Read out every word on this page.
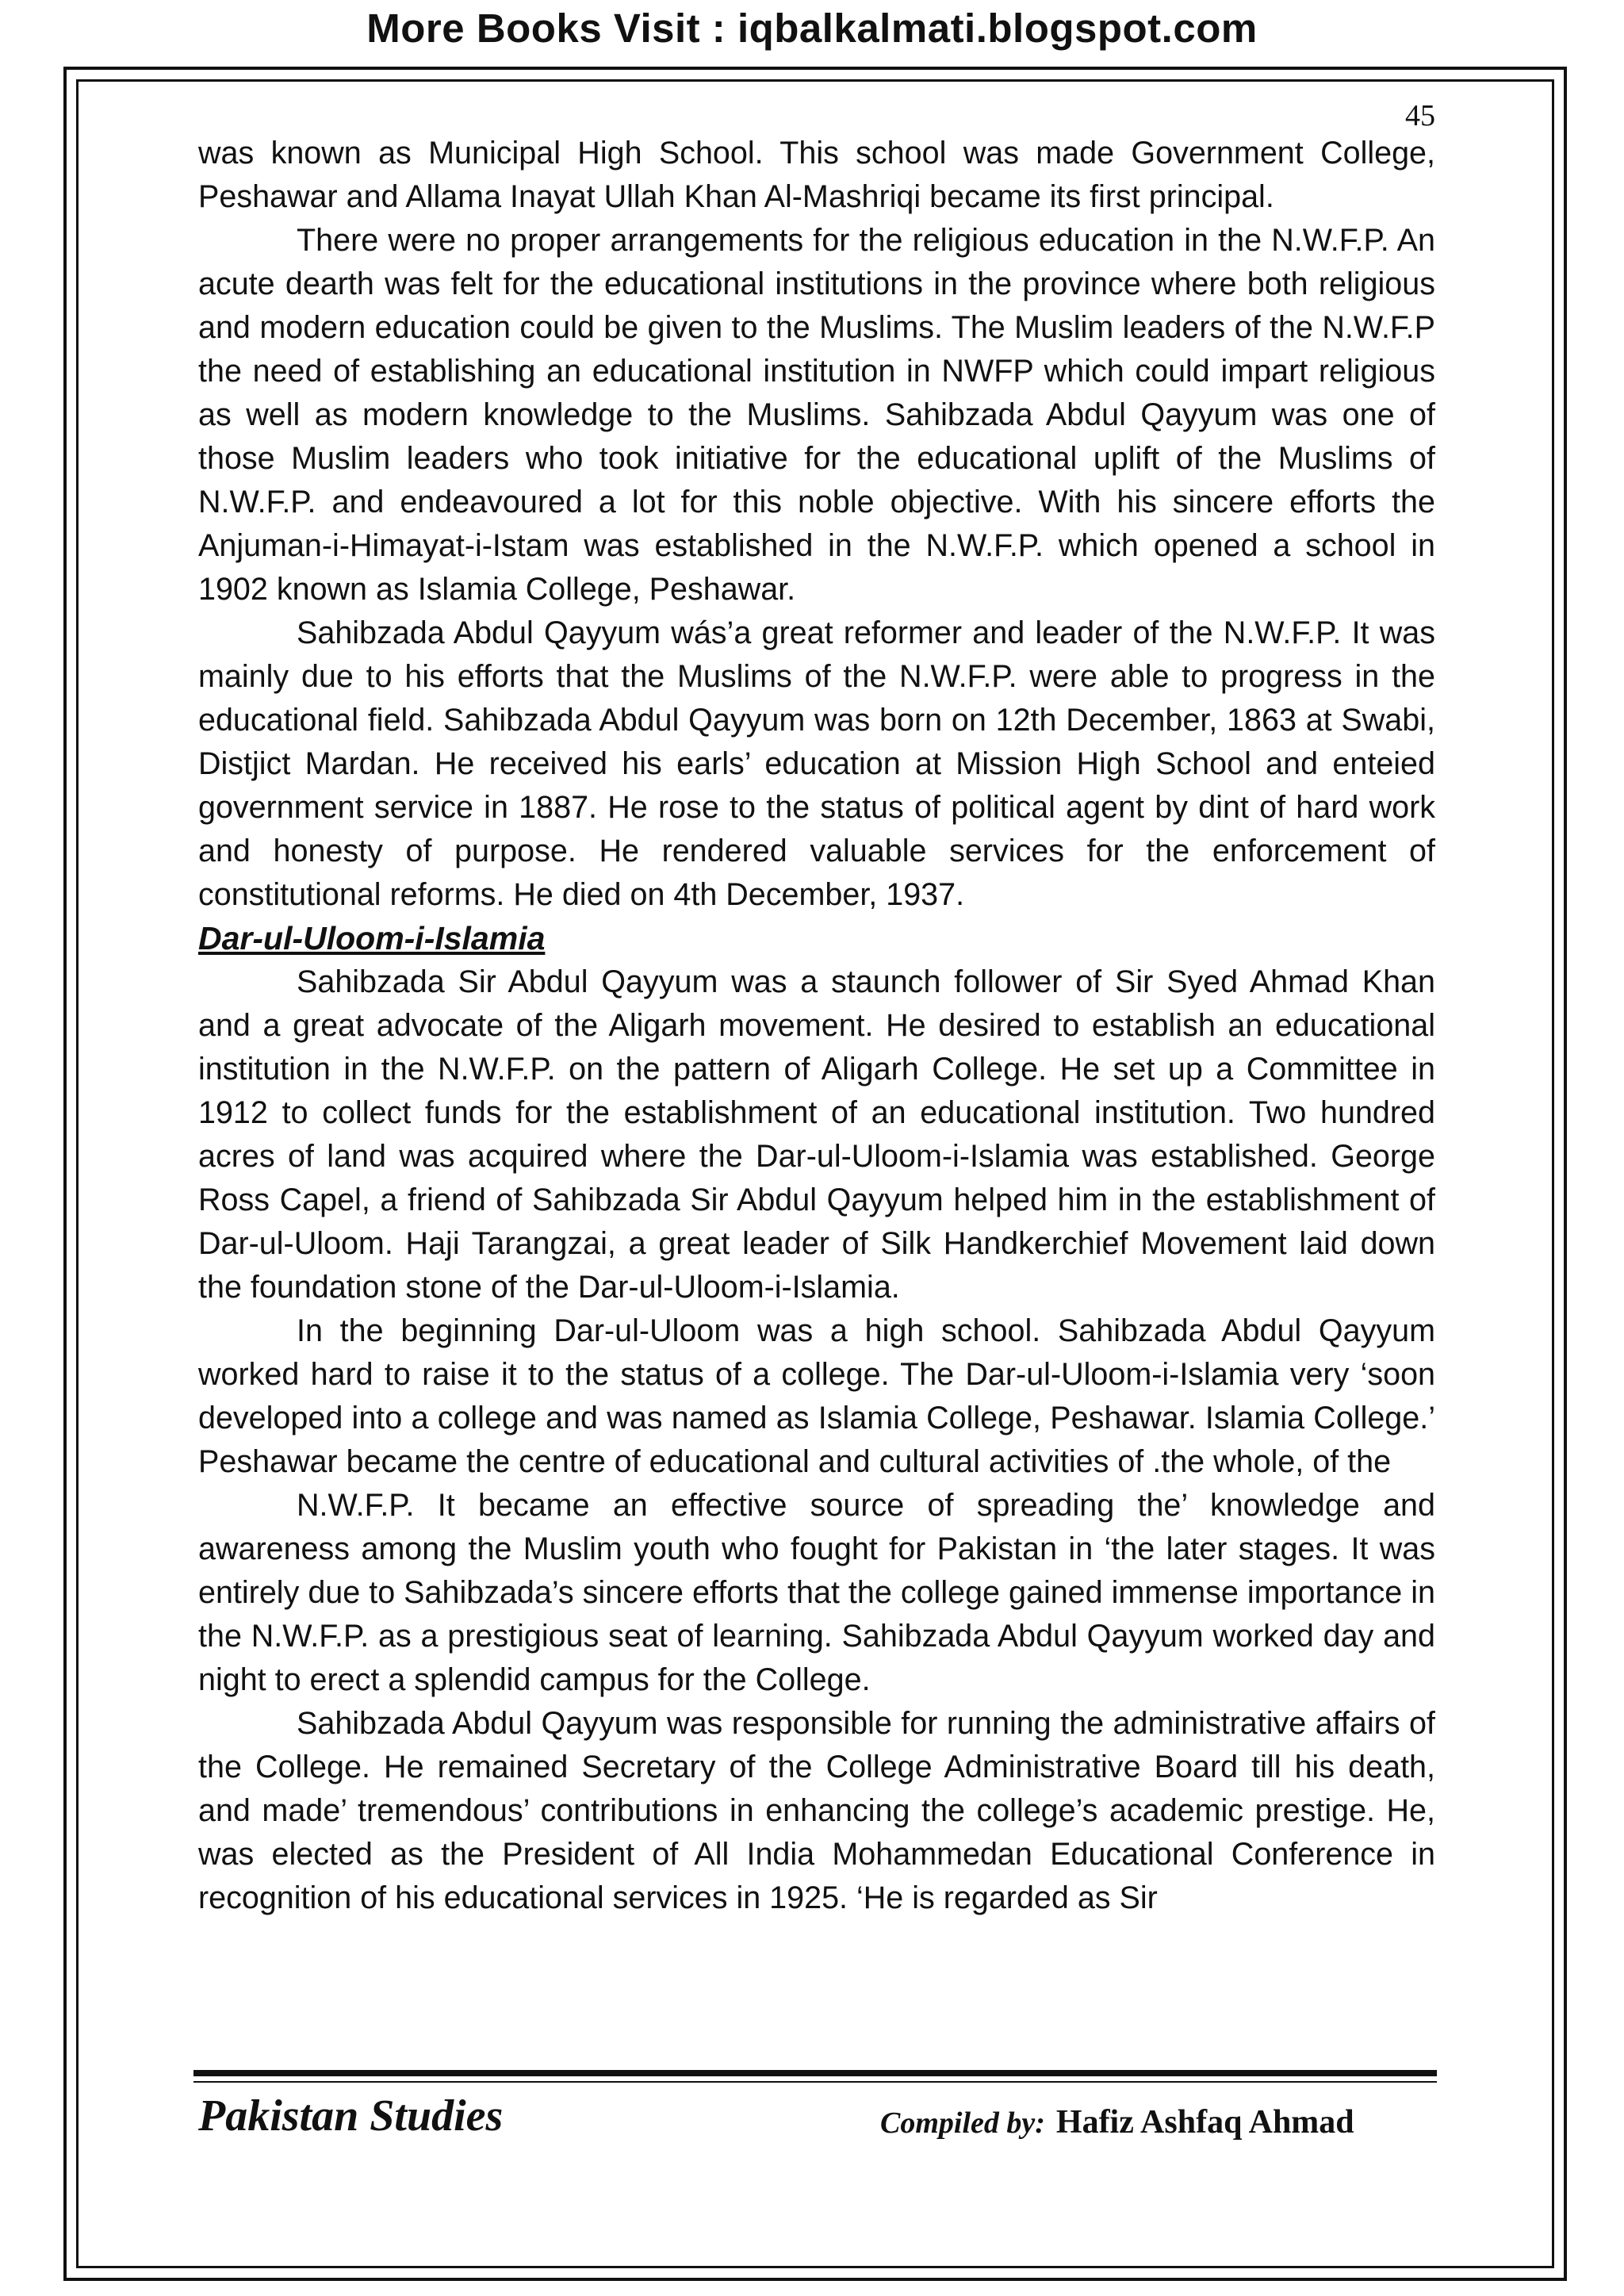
More Books Visit : iqbalkalmati.blogspot.com
45

was known as Municipal High School. This school was made Government College, Peshawar and Allama Inayat Ullah Khan Al-Mashriqi became its first principal.

There were no proper arrangements for the religious education in the N.W.F.P. An acute dearth was felt for the educational institutions in the province where both religious and modern education could be given to the Muslims. The Muslim leaders of the N.W.F.P the need of establishing an educational institution in NWFP which could impart religious as well as modern knowledge to the Muslims. Sahibzada Abdul Qayyum was one of those Muslim leaders who took initiative for the educational uplift of the Muslims of N.W.F.P. and endeavoured a lot for this noble objective. With his sincere efforts the Anjuman-i-Himayat-i-Istam was established in the N.W.F.P. which opened a school in 1902 known as Islamia College, Peshawar.

Sahibzada Abdul Qayyum wás’a great reformer and leader of the N.W.F.P. It was mainly due to his efforts that the Muslims of the N.W.F.P. were able to progress in the educational field. Sahibzada Abdul Qayyum was born on 12th December, 1863 at Swabi, Distjict Mardan. He received his earls’ education at Mission High School and enteied government service in 1887. He rose to the status of political agent by dint of hard work and honesty of purpose. He rendered valuable services for the enforcement of constitutional reforms. He died on 4th December, 1937.

Dar-ul-Uloom-i-Islamia

Sahibzada Sir Abdul Qayyum was a staunch follower of Sir Syed Ahmad Khan and a great advocate of the Aligarh movement. He desired to establish an educational institution in the N.W.F.P. on the pattern of Aligarh College. He set up a Committee in 1912 to collect funds for the establishment of an educational institution. Two hundred acres of land was acquired where the Dar-ul-Uloom-i-Islamia was established. George Ross Capel, a friend of Sahibzada Sir Abdul Qayyum helped him in the establishment of Dar-ul-Uloom. Haji Tarangzai, a great leader of Silk Handkerchief Movement laid down the foundation stone of the Dar-ul-Uloom-i-Islamia.

In the beginning Dar-ul-Uloom was a high school. Sahibzada Abdul Qayyum worked hard to raise it to the status of a college. The Dar-ul-Uloom-i-Islamia very ‘soon developed into a college and was named as Islamia College, Peshawar. Islamia College.’ Peshawar became the centre of educational and cultural activities of .the whole, of the

N.W.F.P. It became an effective source of spreading the’ knowledge and awareness among the Muslim youth who fought for Pakistan in ‘the later stages. It was entirely due to Sahibzada’s sincere efforts that the college gained immense importance in the N.W.F.P. as a prestigious seat of learning. Sahibzada Abdul Qayyum worked day and night to erect a splendid campus for the College.

Sahibzada Abdul Qayyum was responsible for running the administrative affairs of the College. He remained Secretary of the College Administrative Board till his death, and made’ tremendous’ contributions in enhancing the college’s academic prestige. He, was elected as the President of All India Mohammedan Educational Conference in recognition of his educational services in 1925. ‘He is regarded as Sir

Pakistan Studies	Compiled by: Hafiz Ashfaq Ahmad
